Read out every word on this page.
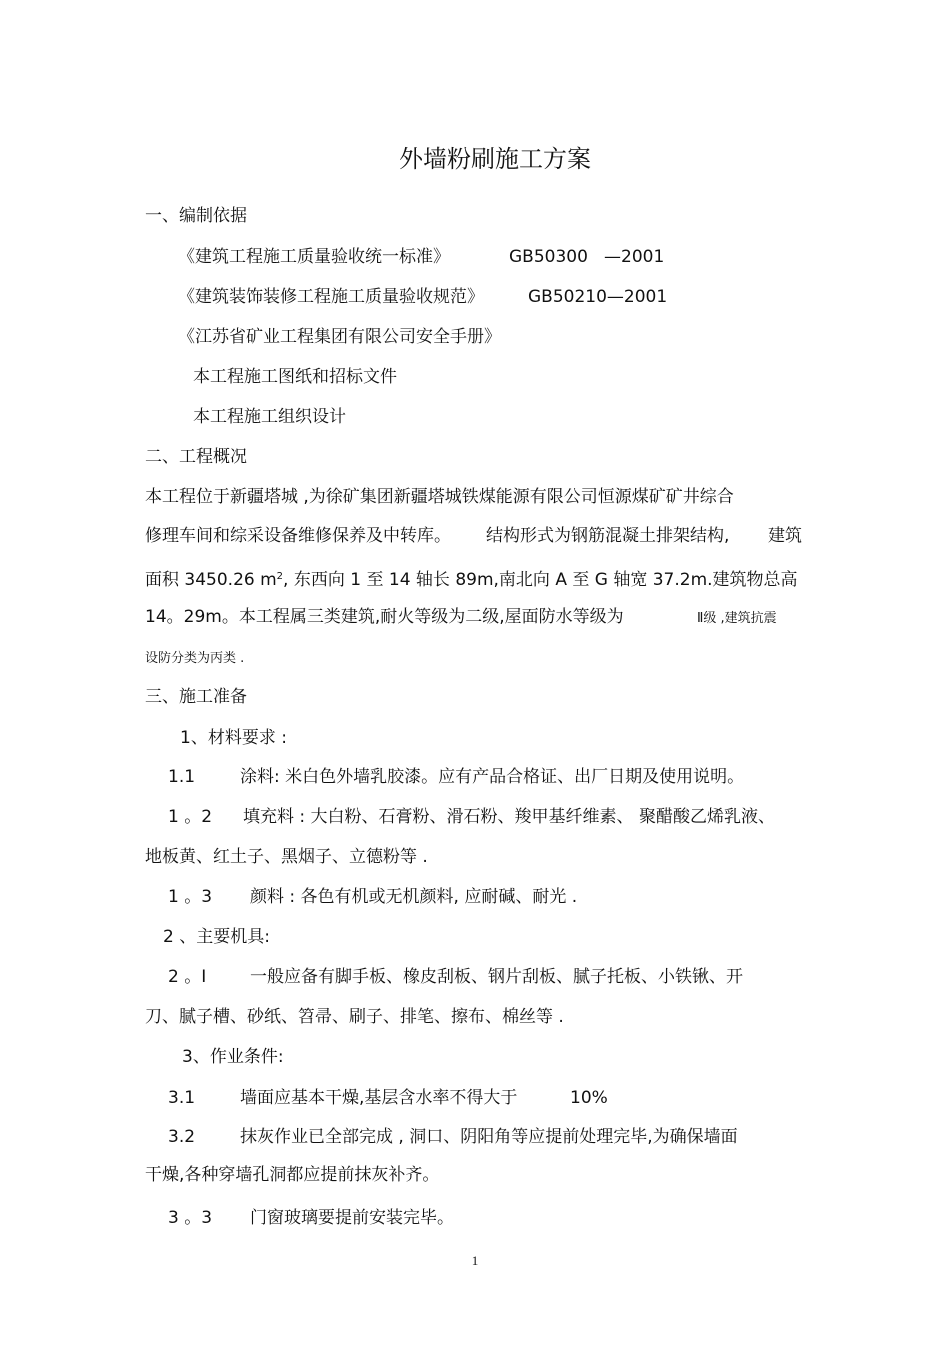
外墙粉刷施工方案
一、编制依据
《建筑工程施工质量验收统一标准》	GB50300 —2001
《建筑装饰装修工程施工质量验收规范》	GB50210—2001
《江苏省矿业工程集团有限公司安全手册》
本工程施工图纸和招标文件
本工程施工组织设计
二、工程概况
本工程位于新疆塔城 ,为徐矿集团新疆塔城铁煤能源有限公司恒源煤矿矿井综合
修理车间和综采设备维修保养及中转库。 结构形式为钢筋混凝土排架结构, 建筑
面积 3450.26 $m^2$, 东西向 1 至 14 轴长 89m,南北向 A 至 G 轴宽 37.2m.建筑物总高
14。29m。本工程属三类建筑,耐火等级为二级,屋面防水等级为	Ⅱ级 ,建筑抗震
设防分类为丙类 .
三、施工准备
1、材料要求 :
1.1	涂料: 米白色外墙乳胶漆。应有产品合格证、出厂日期及使用说明。
1 。2 填充料 : 大白粉、石膏粉、滑石粉、羧甲基纤维素、 聚醋酸乙烯乳液、
地板黄、红土子、黑烟子、立德粉等 .
1 。3 颜料 : 各色有机或无机颜料, 应耐碱、耐光 .
2 、主要机具:
2 。I	一般应备有脚手板、橡皮刮板、钢片刮板、腻子托板、小铁锹、开
刀、腻子槽、砂纸、笤帚、刷子、排笔、擦布、棉丝等 .
3、作业条件:
3.1	墙面应基本干燥,基层含水率不得大于	10%
3.2	抹灰作业已全部完成 , 洞口、阴阳角等应提前处理完毕,为确保墙面
干燥,各种穿墙孔洞都应提前抹灰补齐。
3 。3 门窗玻璃要提前安装完毕。
1
